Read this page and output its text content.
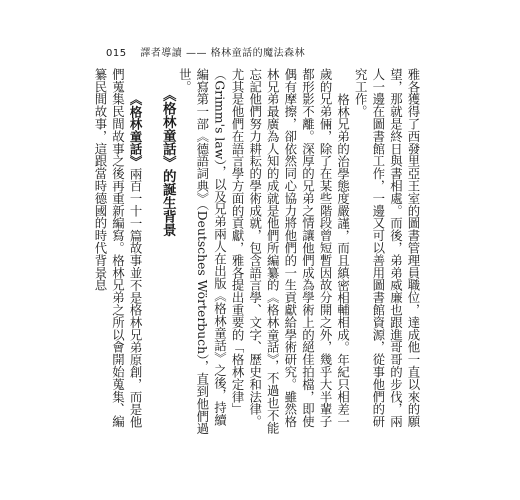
015 譯者導讀 —— 格林童話的魔法森林

雅各獲得了西發里亞王室的圖書管理員職位，達成他一直以來的願望，那就是終日與書相處。而後，弟弟威廉也跟進哥哥的步伐，兩人一邊在圖書館工作，一邊又可以善用圖書館資源，從事他們的研究工作。

格林兄弟的治學態度嚴謹，而且縝密相輔相成。年紀只相差一歲的兄弟倆，除了在某些階段曾短暫因故分開之外，幾乎大半輩子都形影不離。深厚的兄弟之情讓他們成為學術上的絕佳拍檔，即使偶有摩擦，卻依然同心協力將他們的一生貢獻給學術研究。雖然格林兄弟最廣為人知的成就是他們所編纂的《格林童話》，不過也不能忘記他們努力耕耘的學術成就，包含語言學、文字、歷史和法律。尤其是他們在語言學方面的貢獻，雅各提出重要的「格林定律」（Grimm's law），以及兄弟兩人在出版《格林童話》之後，持續編寫第一部《德語詞典》（Deutsches Wörterbuch），直到他們過世。

《格林童話》的誕生背景

《格林童話》兩百一十一篇故事並不是格林兄弟原創，而是他們蒐集民間故事之後再重新編寫。格林兄弟之所以會開始蒐集、編纂民間故事，這跟當時德國的時代背景息
